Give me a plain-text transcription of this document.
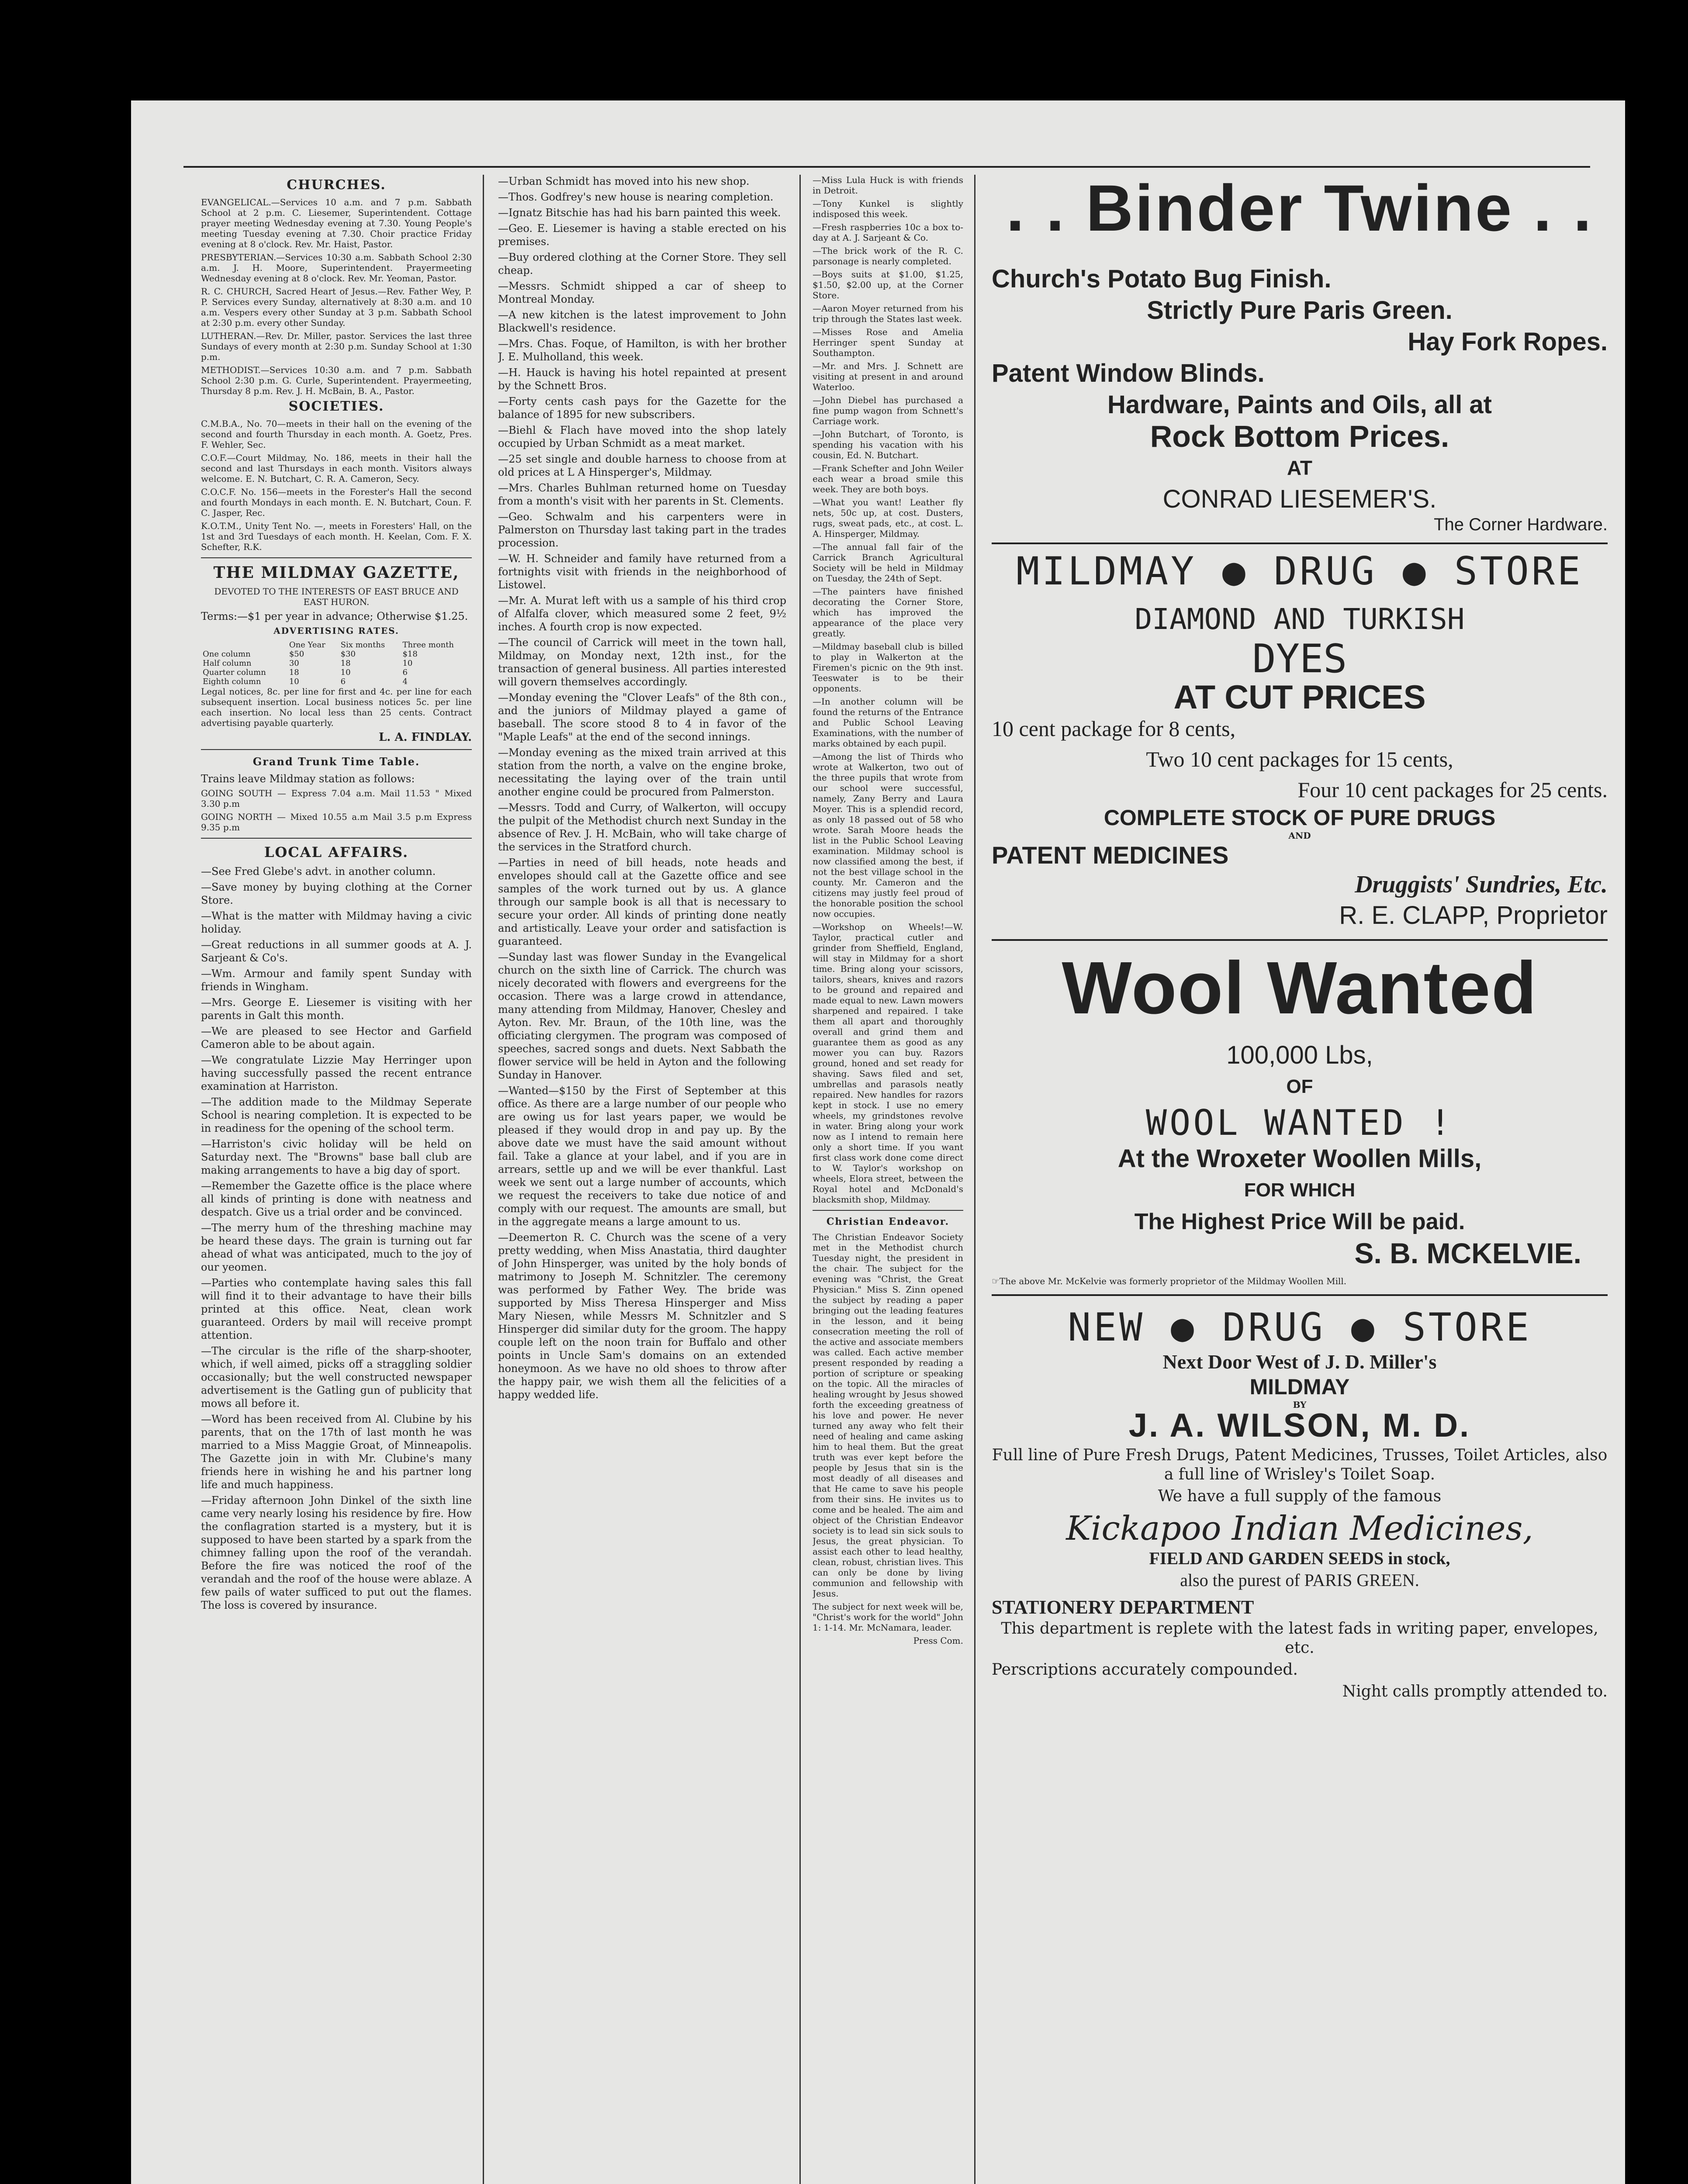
CHURCHES.

EVANGELICAL.—Services 10 a.m. and 7 p.m. Sabbath School at 2 p.m. C. Liesemer, Superintendent. Cottage prayer meeting Wednesday evening at 7.30. Young People's meeting Tuesday evening at 7.30. Choir practice Friday evening at 8 o'clock. Rev. Mr. Haist, Pastor.

PRESBYTERIAN.—Services 10:30 a.m. Sabbath School 2:30 a.m. J. H. Moore, Superintendent. Prayermeeting Wednesday evening at 8 o'clock. Rev. Mr. Yeoman, Pastor.

R. C. CHURCH, Sacred Heart of Jesus.—Rev. Father Wey, P. P. Services every Sunday, alternatively at 8:30 a.m. and 10 a.m. Vespers every other Sunday at 3 p.m. Sabbath School at 2:30 p.m. every other Sunday.

LUTHERAN.—Rev. Dr. Miller, pastor. Services the last three Sundays of every month at 2:30 p.m. Sunday School at 1:30 p.m.

METHODIST.—Services 10:30 a.m. and 7 p.m. Sabbath School 2:30 p.m. G. Curle, Superintendent. Prayermeeting, Thursday 8 p.m. Rev. J. H. McBain, B. A., Pastor.

SOCIETIES.

C.M.B.A., No. 70—meets in their hall on the evening of the second and fourth Thursday in each month. A. Goetz, Pres. F. Wehler, Sec.

C.O.F.—Court Mildmay, No. 186, meets in their hall the second and last Thursdays in each month. Visitors always welcome. E. N. Butchart, C. R. A. Cameron, Secy.

C.O.C.F. No. 156—meets in the Forester's Hall the second and fourth Mondays in each month. E. N. Butchart, Coun. F. C. Jasper, Rec.

K.O.T.M., Unity Tent No. —, meets in Foresters' Hall, on the 1st and 3rd Tuesdays of each month. H. Keelan, Com. F. X. Schefter, R.K.

THE MILDMAY GAZETTE,

DEVOTED TO THE INTERESTS OF EAST BRUCE AND EAST HURON.

Terms:—$1 per year in advance; Otherwise $1.25.

ADVERTISING RATES.
	One Year	Six months	Three month
One column	$50	$30	$18
Half column	30	18	10
Quarter column	18	10	6
Eighth column	10	6	4

Legal notices, 8c. per line for first and 4c. per line for each subsequent insertion. Local business notices 5c. per line each insertion. No local less than 25 cents. Contract advertising payable quarterly.

L. A. FINDLAY.
Grand Trunk Time Table.

Trains leave Mildmay station as follows:

GOING SOUTH — Express 7.04 a.m. Mail 11.53 " Mixed 3.30 p.m

GOING NORTH — Mixed 10.55 a.m Mail 3.5 p.m Express 9.35 p.m

LOCAL AFFAIRS.

—See Fred Glebe's advt. in another column.

—Save money by buying clothing at the Corner Store.

—What is the matter with Mildmay having a civic holiday.

—Great reductions in all summer goods at A. J. Sarjeant & Co's.

—Wm. Armour and family spent Sunday with friends in Wingham.

—Mrs. George E. Liesemer is visiting with her parents in Galt this month.

—We are pleased to see Hector and Garfield Cameron able to be about again.

—We congratulate Lizzie May Herringer upon having successfully passed the recent entrance examination at Harriston.

—The addition made to the Mildmay Seperate School is nearing completion. It is expected to be in readiness for the opening of the school term.

—Harriston's civic holiday will be held on Saturday next. The "Browns" base ball club are making arrangements to have a big day of sport.

—Remember the Gazette office is the place where all kinds of printing is done with neatness and despatch. Give us a trial order and be convinced.

—The merry hum of the threshing machine may be heard these days. The grain is turning out far ahead of what was anticipated, much to the joy of our yeomen.

—Parties who contemplate having sales this fall will find it to their advantage to have their bills printed at this office. Neat, clean work guaranteed. Orders by mail will receive prompt attention.

—The circular is the rifle of the sharp-shooter, which, if well aimed, picks off a straggling soldier occasionally; but the well constructed newspaper advertisement is the Gatling gun of publicity that mows all before it.

—Word has been received from Al. Clubine by his parents, that on the 17th of last month he was married to a Miss Maggie Groat, of Minneapolis. The Gazette join in with Mr. Clubine's many friends here in wishing he and his partner long life and much happiness.

—Friday afternoon John Dinkel of the sixth line came very nearly losing his residence by fire. How the conflagration started is a mystery, but it is supposed to have been started by a spark from the chimney falling upon the roof of the verandah. Before the fire was noticed the roof of the verandah and the roof of the house were ablaze. A few pails of water sufficed to put out the flames. The loss is covered by insurance.

—Urban Schmidt has moved into his new shop.

—Thos. Godfrey's new house is nearing completion.

—Ignatz Bitschie has had his barn painted this week.

—Geo. E. Liesemer is having a stable erected on his premises.

—Buy ordered clothing at the Corner Store. They sell cheap.

—Messrs. Schmidt shipped a car of sheep to Montreal Monday.

—A new kitchen is the latest improvement to John Blackwell's residence.

—Mrs. Chas. Foque, of Hamilton, is with her brother J. E. Mulholland, this week.

—H. Hauck is having his hotel repainted at present by the Schnett Bros.

—Forty cents cash pays for the Gazette for the balance of 1895 for new subscribers.

—Biehl & Flach have moved into the shop lately occupied by Urban Schmidt as a meat market.

—25 set single and double harness to choose from at old prices at L A Hinsperger's, Mildmay.

—Mrs. Charles Buhlman returned home on Tuesday from a month's visit with her parents in St. Clements.

—Geo. Schwalm and his carpenters were in Palmerston on Thursday last taking part in the trades procession.

—W. H. Schneider and family have returned from a fortnights visit with friends in the neighborhood of Listowel.

—Mr. A. Murat left with us a sample of his third crop of Alfalfa clover, which measured some 2 feet, 9½ inches. A fourth crop is now expected.

—The council of Carrick will meet in the town hall, Mildmay, on Monday next, 12th inst., for the transaction of general business. All parties interested will govern themselves accordingly.

—Monday evening the "Clover Leafs" of the 8th con., and the juniors of Mildmay played a game of baseball. The score stood 8 to 4 in favor of the "Maple Leafs" at the end of the second innings.

—Monday evening as the mixed train arrived at this station from the north, a valve on the engine broke, necessitating the laying over of the train until another engine could be procured from Palmerston.

—Messrs. Todd and Curry, of Walkerton, will occupy the pulpit of the Methodist church next Sunday in the absence of Rev. J. H. McBain, who will take charge of the services in the Stratford church.

—Parties in need of bill heads, note heads and envelopes should call at the Gazette office and see samples of the work turned out by us. A glance through our sample book is all that is necessary to secure your order. All kinds of printing done neatly and artistically. Leave your order and satisfaction is guaranteed.

—Sunday last was flower Sunday in the Evangelical church on the sixth line of Carrick. The church was nicely decorated with flowers and evergreens for the occasion. There was a large crowd in attendance, many attending from Mildmay, Hanover, Chesley and Ayton. Rev. Mr. Braun, of the 10th line, was the officiating clergymen. The program was composed of speeches, sacred songs and duets. Next Sabbath the flower service will be held in Ayton and the following Sunday in Hanover.

—Wanted—$150 by the First of September at this office. As there are a large number of our people who are owing us for last years paper, we would be pleased if they would drop in and pay up. By the above date we must have the said amount without fail. Take a glance at your label, and if you are in arrears, settle up and we will be ever thankful. Last week we sent out a large number of accounts, which we request the receivers to take due notice of and comply with our request. The amounts are small, but in the aggregate means a large amount to us.

—Deemerton R. C. Church was the scene of a very pretty wedding, when Miss Anastatia, third daughter of John Hinsperger, was united by the holy bonds of matrimony to Joseph M. Schnitzler. The ceremony was performed by Father Wey. The bride was supported by Miss Theresa Hinsperger and Miss Mary Niesen, while Messrs M. Schnitzler and S Hinsperger did similar duty for the groom. The happy couple left on the noon train for Buffalo and other points in Uncle Sam's domains on an extended honeymoon. As we have no old shoes to throw after the happy pair, we wish them all the felicities of a happy wedded life.

—Miss Lula Huck is with friends in Detroit.

—Tony Kunkel is slightly indisposed this week.

—Fresh raspberries 10c a box to-day at A. J. Sarjeant & Co.

—The brick work of the R. C. parsonage is nearly completed.

—Boys suits at $1.00, $1.25, $1.50, $2.00 up, at the Corner Store.

—Aaron Moyer returned from his trip through the States last week.

—Misses Rose and Amelia Herringer spent Sunday at Southampton.

—Mr. and Mrs. J. Schnett are visiting at present in and around Waterloo.

—John Diebel has purchased a fine pump wagon from Schnett's Carriage work.

—John Butchart, of Toronto, is spending his vacation with his cousin, Ed. N. Butchart.

—Frank Schefter and John Weiler each wear a broad smile this week. They are both boys.

—What you want! Leather fly nets, 50c up, at cost. Dusters, rugs, sweat pads, etc., at cost. L. A. Hinsperger, Mildmay.

—The annual fall fair of the Carrick Branch Agricultural Society will be held in Mildmay on Tuesday, the 24th of Sept.

—The painters have finished decorating the Corner Store, which has improved the appearance of the place very greatly.

—Mildmay baseball club is billed to play in Walkerton at the Firemen's picnic on the 9th inst. Teeswater is to be their opponents.

—In another column will be found the returns of the Entrance and Public School Leaving Examinations, with the number of marks obtained by each pupil.

—Among the list of Thirds who wrote at Walkerton, two out of the three pupils that wrote from our school were successful, namely, Zany Berry and Laura Moyer. This is a splendid record, as only 18 passed out of 58 who wrote. Sarah Moore heads the list in the Public School Leaving examination. Mildmay school is now classified among the best, if not the best village school in the county. Mr. Cameron and the citizens may justly feel proud of the honorable position the school now occupies.

—Workshop on Wheels!—W. Taylor, practical cutler and grinder from Sheffield, England, will stay in Mildmay for a short time. Bring along your scissors, tailors, shears, knives and razors to be ground and repaired and made equal to new. Lawn mowers sharpened and repaired. I take them all apart and thoroughly overall and grind them and guarantee them as good as any mower you can buy. Razors ground, honed and set ready for shaving. Saws filed and set, umbrellas and parasols neatly repaired. New handles for razors kept in stock. I use no emery wheels, my grindstones revolve in water. Bring along your work now as I intend to remain here only a short time. If you want first class work done come direct to W. Taylor's workshop on wheels, Elora street, between the Royal hotel and McDonald's blacksmith shop, Mildmay.

Christian Endeavor.

The Christian Endeavor Society met in the Methodist church Tuesday night, the president in the chair. The subject for the evening was "Christ, the Great Physician." Miss S. Zinn opened the subject by reading a paper bringing out the leading features in the lesson, and it being consecration meeting the roll of the active and associate members was called. Each active member present responded by reading a portion of scripture or speaking on the topic. All the miracles of healing wrought by Jesus showed forth the exceeding greatness of his love and power. He never turned any away who felt their need of healing and came asking him to heal them. But the great truth was ever kept before the people by Jesus that sin is the most deadly of all diseases and that He came to save his people from their sins. He invites us to come and be healed. The aim and object of the Christian Endeavor society is to lead sin sick souls to Jesus, the great physician. To assist each other to lead healthy, clean, robust, christian lives. This can only be done by living communion and fellowship with Jesus.

The subject for next week will be, "Christ's work for the world" John 1: 1-14. Mr. McNamara, leader.

Press Com.
. . Binder Twine . .
Church's Potato Bug Finish.
Strictly Pure Paris Green.
Hay Fork Ropes.
Patent Window Blinds.
Hardware, Paints and Oils, all at
Rock Bottom Prices.
AT
CONRAD LIESEMER'S.
The Corner Hardware.
MILDMAY ● DRUG ● STORE
DIAMOND AND TURKISH
DYES
AT CUT PRICES
10 cent package for 8 cents,
Two 10 cent packages for 15 cents,
Four 10 cent packages for 25 cents.
COMPLETE STOCK OF PURE DRUGS
AND
PATENT MEDICINES
Druggists' Sundries, Etc.
R. E. CLAPP, Proprietor
Wool Wanted
100,000 Lbs,
OF
WOOL WANTED !
At the Wroxeter Woollen Mills,
FOR WHICH
The Highest Price Will be paid.
S. B. MCKELVIE.
☞The above Mr. McKelvie was formerly proprietor of the Mildmay Woollen Mill.
NEW ● DRUG ● STORE
Next Door West of J. D. Miller's
MILDMAY
BY
J. A. WILSON, M. D.
Full line of Pure Fresh Drugs, Patent Medicines, Trusses, Toilet Articles, also a full line of Wrisley's Toilet Soap.
We have a full supply of the famous
Kickapoo Indian Medicines,
FIELD AND GARDEN SEEDS in stock,
also the purest of PARIS GREEN.
STATIONERY DEPARTMENT
This department is replete with the latest fads in writing paper, envelopes, etc.
Perscriptions accurately compounded.
Night calls promptly attended to.
